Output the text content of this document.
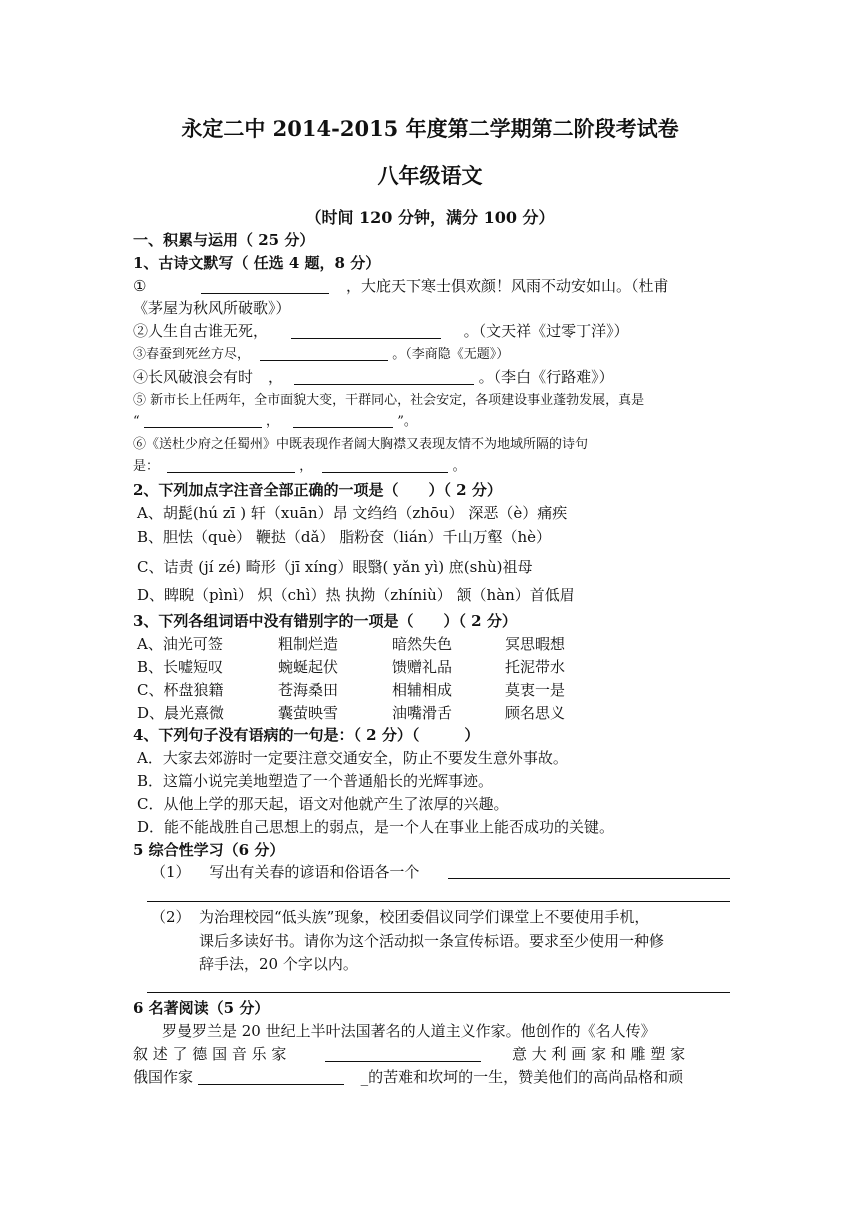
永定二中 2014-2015 年度第二学期第二阶段考试卷
八年级语文
（时间 120 分钟，满分 100 分）
一、积累与运用（ 25 分）
1、古诗文默写（ 任选 4 题，8 分）
①	，大庇天下寒士俱欢颜！风雨不动安如山。（杜甫
《茅屋为秋风所破歌》）
②人生自古谁无死，	。（文天祥《过零丁洋》）
③春蚕到死丝方尽，	。（李商隐《无题》）
④长风破浪会有时　，	。（李白《行路难》）
⑤ 新市长上任两年，全市面貌大变，干群同心，社会安定，各项建设事业蓬勃发展，真是
“	，	”。
⑥《送杜少府之任蜀州》中既表现作者阔大胸襟又表现友情不为地域所隔的诗句
是：	，	。
2、下列加点字注音全部正确的一项是（　　）（ 2 分）
A、胡髭(hú zī ) 轩（xuān）昂 文绉绉（zhōu） 深恶（è）痛疾
B、胆怯（què） 鞭挞（dǎ） 脂粉奁（lián）千山万壑（hè）
C、诘责 (jí zé) 畸形（jī xíng）眼翳( yǎn yì) 庶(shù)祖母
D、睥睨（pìnì） 炽（chì）热 执拗（zhíniù） 颔（hàn）首低眉
3、下列各组词语中没有错别字的一项是（　　）（ 2 分）
A、油光可签	粗制烂造	暗然失色	冥思暇想
B、长嘘短叹	蜿蜒起伏	馈赠礼品	托泥带水
C、杯盘狼籍	苍海桑田	相辅相成	莫衷一是
D、晨光熹微	囊萤映雪	油嘴滑舌	顾名思义
4、下列句子没有语病的一句是：（ 2 分）（　　　）
A．大家去郊游时一定要注意交通安全，防止不要发生意外事故。
B．这篇小说完美地塑造了一个普通船长的光辉事迹。
C．从他上学的那天起，语文对他就产生了浓厚的兴趣。
D．能不能战胜自己思想上的弱点，是一个人在事业上能否成功的关键。
5 综合性学习（6 分）
（1） 写出有关春的谚语和俗语各一个
（2） 为治理校园“低头族”现象，校团委倡议同学们课堂上不要使用手机，
课后多读好书。请你为这个活动拟一条宣传标语。要求至少使用一种修
辞手法，20 个字以内。
6 名著阅读（5 分）
罗曼罗兰是 20 世纪上半叶法国著名的人道主义作家。他创作的《名人传》
叙 述 了 德 国 音 乐 家	意 大 利 画 家 和 雕 塑 家
俄国作家	_的苦难和坎坷的一生，赞美他们的高尚品格和顽
